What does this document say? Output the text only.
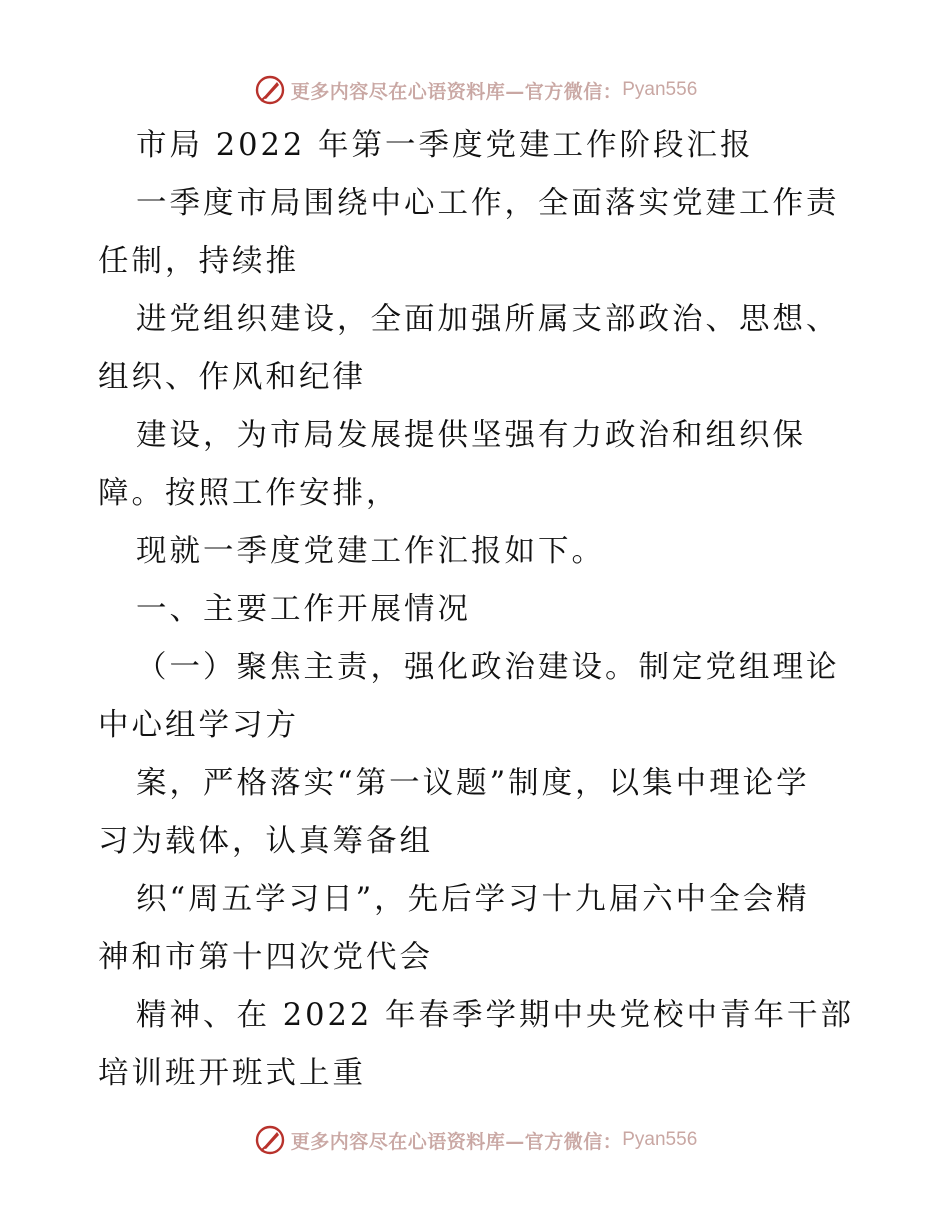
更多内容尽在心语资料库—官方微信： Pyan556

市局 2022 年第一季度党建工作阶段汇报

一季度市局围绕中心工作，全面落实党建工作责

任制，持续推

进党组织建设，全面加强所属支部政治、思想、

组织、作风和纪律

建设，为市局发展提供坚强有力政治和组织保

障。按照工作安排，

现就一季度党建工作汇报如下。

一、主要工作开展情况

（一）聚焦主责，强化政治建设。制定党组理论

中心组学习方

案，严格落实“第一议题”制度，以集中理论学

习为载体，认真筹备组

织“周五学习日”，先后学习十九届六中全会精

神和市第十四次党代会

精神、在 2022 年春季学期中央党校中青年干部

培训班开班式上重

更多内容尽在心语资料库—官方微信： Pyan556
